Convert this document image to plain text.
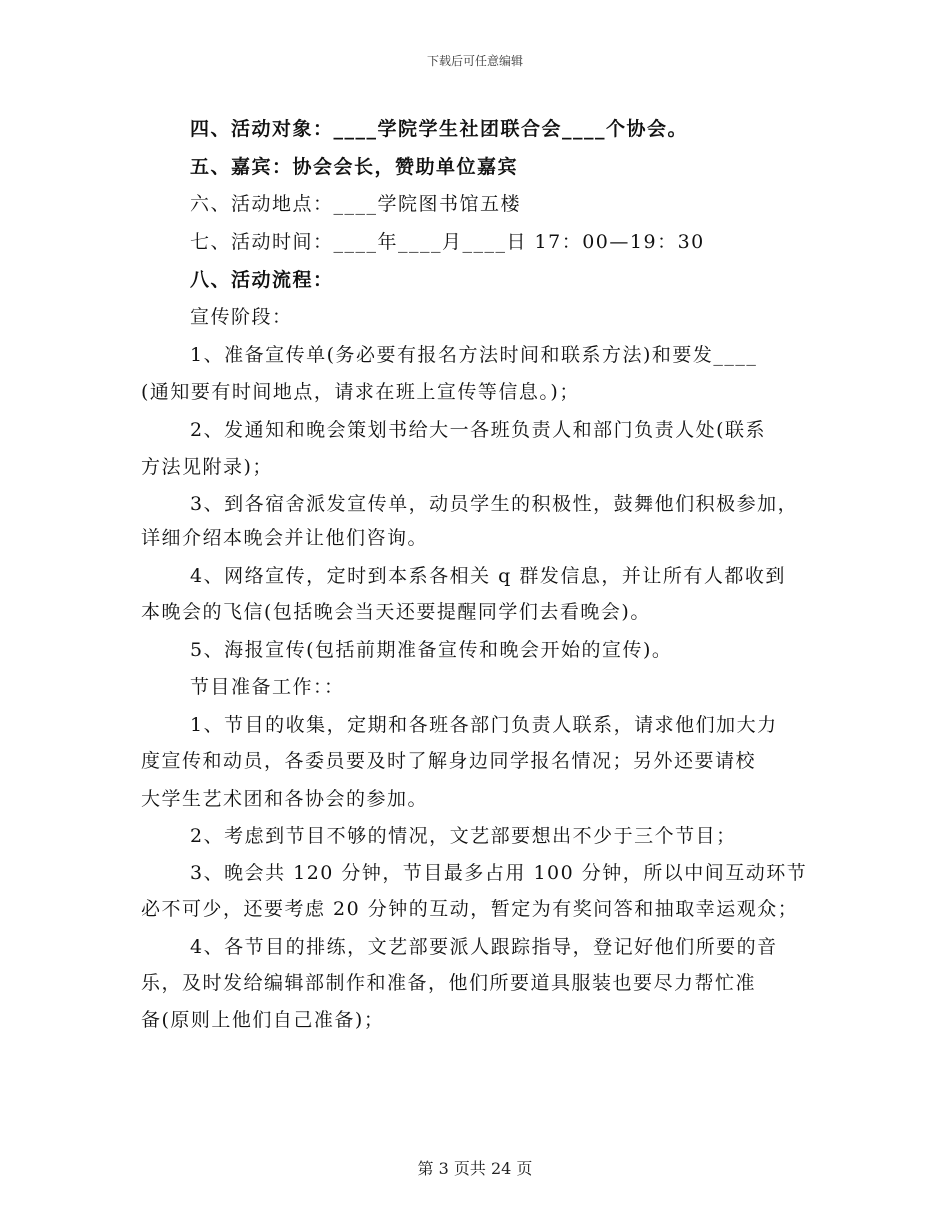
下载后可任意编辑
四、活动对象：____学院学生社团联合会____个协会。
五、嘉宾：协会会长，赞助单位嘉宾
六、活动地点：____学院图书馆五楼
七、活动时间：____年____月____日 17：00—19：30
八、活动流程：
宣传阶段：
1、准备宣传单(务必要有报名方法时间和联系方法)和要发____
(通知要有时间地点，请求在班上宣传等信息。)；
2、发通知和晚会策划书给大一各班负责人和部门负责人处(联系
方法见附录)；
3、到各宿舍派发宣传单，动员学生的积极性，鼓舞他们积极参加，
详细介绍本晚会并让他们咨询。
4、网络宣传，定时到本系各相关 q 群发信息，并让所有人都收到
本晚会的飞信(包括晚会当天还要提醒同学们去看晚会)。
5、海报宣传(包括前期准备宣传和晚会开始的宣传)。
节目准备工作：：
1、节目的收集，定期和各班各部门负责人联系，请求他们加大力
度宣传和动员，各委员要及时了解身边同学报名情况；另外还要请校
大学生艺术团和各协会的参加。
2、考虑到节目不够的情况，文艺部要想出不少于三个节目；
3、晚会共 120 分钟，节目最多占用 100 分钟，所以中间互动环节
必不可少，还要考虑 20 分钟的互动，暂定为有奖问答和抽取幸运观众；
4、各节目的排练，文艺部要派人跟踪指导，登记好他们所要的音
乐，及时发给编辑部制作和准备，他们所要道具服装也要尽力帮忙准
备(原则上他们自己准备)；
第 3 页共 24 页
